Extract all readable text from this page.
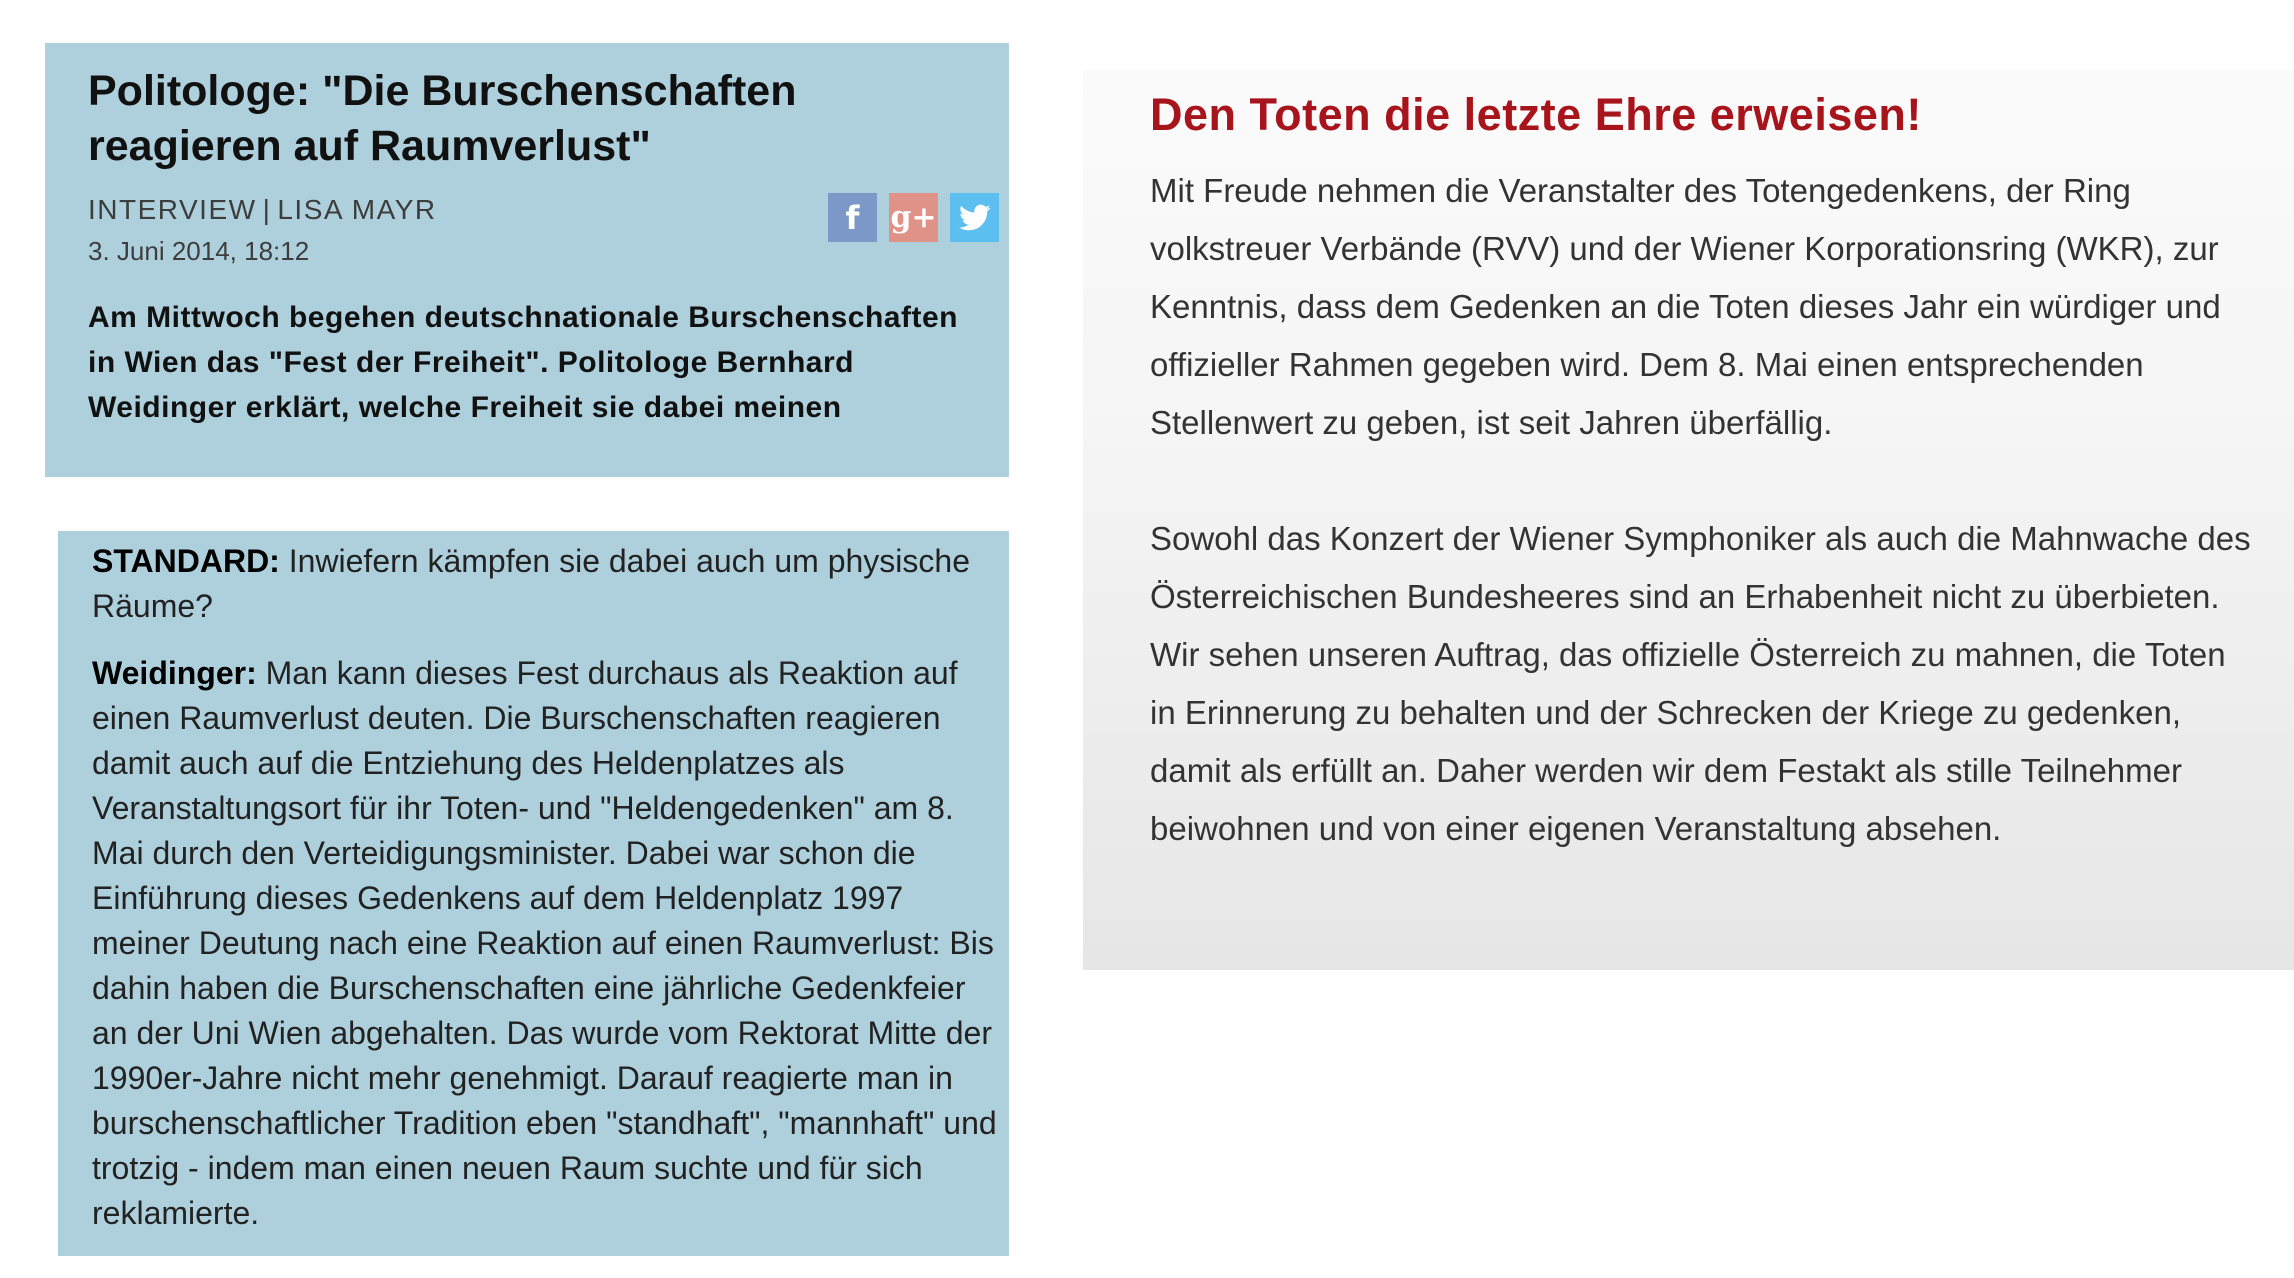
Politologe: "Die Burschenschaften reagieren auf Raumverlust"
INTERVIEW | LISA MAYR
3. Juni 2014, 18:12
f g+
Am Mittwoch begehen deutschnationale Burschenschaften in Wien das "Fest der Freiheit". Politologe Bernhard Weidinger erklärt, welche Freiheit sie dabei meinen

STANDARD: Inwiefern kämpfen sie dabei auch um physische Räume?

Weidinger: Man kann dieses Fest durchaus als Reaktion auf einen Raumverlust deuten. Die Burschenschaften reagieren damit auch auf die Entziehung des Heldenplatzes als Veranstaltungsort für ihr Toten- und "Heldengedenken" am 8. Mai durch den Verteidigungsminister. Dabei war schon die Einführung dieses Gedenkens auf dem Heldenplatz 1997 meiner Deutung nach eine Reaktion auf einen Raumverlust: Bis dahin haben die Burschenschaften eine jährliche Gedenkfeier an der Uni Wien abgehalten. Das wurde vom Rektorat Mitte der 1990er-Jahre nicht mehr genehmigt. Darauf reagierte man in burschenschaftlicher Tradition eben "standhaft", "mannhaft" und trotzig - indem man einen neuen Raum suchte und für sich reklamierte.

Den Toten die letzte Ehre erweisen!

Mit Freude nehmen die Veranstalter des Totengedenkens, der Ring volkstreuer Verbände (RVV) und der Wiener Korporationsring (WKR), zur Kenntnis, dass dem Gedenken an die Toten dieses Jahr ein würdiger und offizieller Rahmen gegeben wird. Dem 8. Mai einen entsprechenden Stellenwert zu geben, ist seit Jahren überfällig.

Sowohl das Konzert der Wiener Symphoniker als auch die Mahnwache des Österreichischen Bundesheeres sind an Erhabenheit nicht zu überbieten. Wir sehen unseren Auftrag, das offizielle Österreich zu mahnen, die Toten in Erinnerung zu behalten und der Schrecken der Kriege zu gedenken, damit als erfüllt an. Daher werden wir dem Festakt als stille Teilnehmer beiwohnen und von einer eigenen Veranstaltung absehen.
